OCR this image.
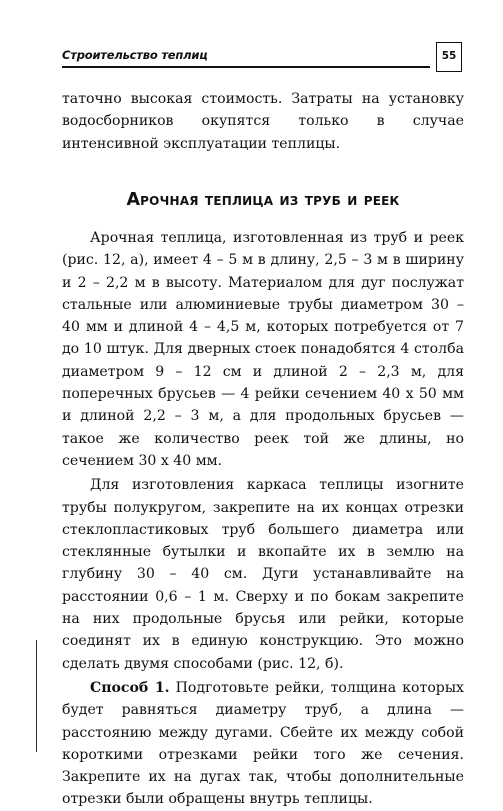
Строительство теплиц	55

таточно высокая стоимость. Затраты на установку водосборников окупятся только в случае интенсивной эксплуатации теплицы.

Арочная теплица из труб и реек

Арочная теплица, изготовленная из труб и реек (рис. 12, а), имеет 4 – 5 м в длину, 2,5 – 3 м в ширину и 2 – 2,2 м в высоту. Материалом для дуг послужат стальные или алюминиевые трубы диаметром 30 – 40 мм и длиной 4 – 4,5 м, которых потребуется от 7 до 10 штук. Для дверных стоек понадобятся 4 столба диаметром 9 – 12 см и длиной 2 – 2,3 м, для поперечных брусьев — 4 рейки сечением 40 х 50 мм и длиной 2,2 – 3 м, а для продольных брусьев — такое же количество реек той же длины, но сечением 30 х 40 мм.

Для изготовления каркаса теплицы изогните трубы полукругом, закрепите на их концах отрезки стеклопластиковых труб большего диаметра или стеклянные бутылки и вкопайте их в землю на глубину 30 – 40 см. Дуги устанавливайте на расстоянии 0,6 – 1 м. Сверху и по бокам закрепите на них продольные брусья или рейки, которые соединят их в единую конструкцию. Это можно сделать двумя способами (рис. 12, б).

Способ 1. Подготовьте рейки, толщина которых будет равняться диаметру труб, а длина — расстоянию между дугами. Сбейте их между собой короткими отрезками рейки того же сечения. Закрепите их на дугах так, чтобы дополнительные отрезки были обращены внутрь теплицы.
